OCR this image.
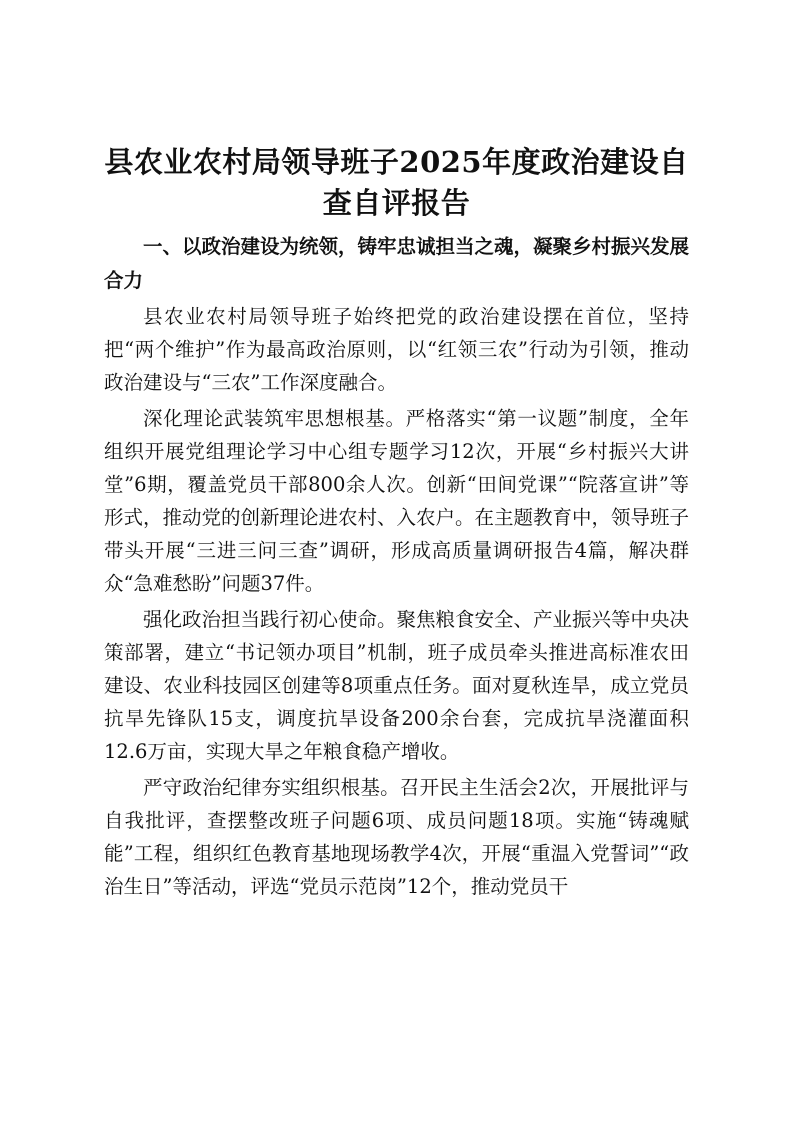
县农业农村局领导班子2025年度政治建设自查自评报告
一、以政治建设为统领，铸牢忠诚担当之魂，凝聚乡村振兴发展合力

县农业农村局领导班子始终把党的政治建设摆在首位，坚持把“两个维护”作为最高政治原则，以“红领三农”行动为引领，推动政治建设与“三农”工作深度融合。

深化理论武装筑牢思想根基。严格落实“第一议题”制度，全年组织开展党组理论学习中心组专题学习12次，开展“乡村振兴大讲堂”6期，覆盖党员干部800余人次。创新“田间党课”“院落宣讲”等形式，推动党的创新理论进农村、入农户。在主题教育中，领导班子带头开展“三进三问三查”调研，形成高质量调研报告4篇，解决群众“急难愁盼”问题37件。

强化政治担当践行初心使命。聚焦粮食安全、产业振兴等中央决策部署，建立“书记领办项目”机制，班子成员牵头推进高标准农田建设、农业科技园区创建等8项重点任务。面对夏秋连旱，成立党员抗旱先锋队15支，调度抗旱设备200余台套，完成抗旱浇灌面积12.6万亩，实现大旱之年粮食稳产增收。

严守政治纪律夯实组织根基。召开民主生活会2次，开展批评与自我批评，查摆整改班子问题6项、成员问题18项。实施“铸魂赋能”工程，组织红色教育基地现场教学4次，开展“重温入党誓词”“政治生日”等活动，评选“党员示范岗”12个，推动党员干
